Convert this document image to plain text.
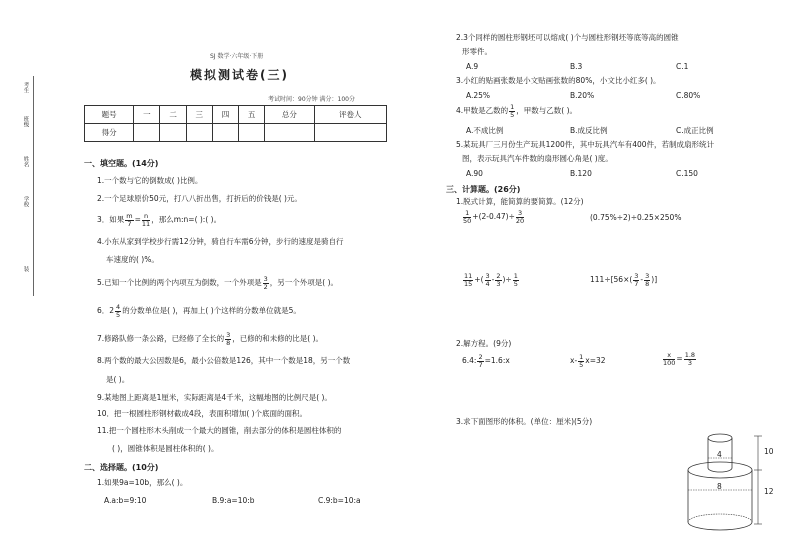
考生
班级
姓名
学校
装
SJ 数学·六年级·下册
模拟测试卷(三)
考试时间：90分钟 满分：100分
题号	一	二	三	四	五	总分	评卷人
得分							
一、填空题。(14分)
1.一个数与它的倒数成( )比例。
2.一个足球原价50元，打八八折出售，打折后的价钱是( )元。
3．如果 $\frac{m}{7} = \frac{n}{11}$ ，那么m:n=( ):( )。
4.小东从家到学校步行需12分钟，骑自行车需6分钟，步行的速度是骑自行
车速度的( )%。
5.已知一个比例的两个内项互为倒数，一个外项是 $\frac{3}{2}$ ，另一个外项是( )。
6．$2 \frac{4}{5}$ 的分数单位是( )，再加上( )个这样的分数单位就是5。
7.修路队修一条公路，已经修了全长的 $\frac{3}{8}$ ，已修的和未修的比是( )。
8.两个数的最大公因数是6，最小公倍数是126，其中一个数是18，另一个数
是( )。
9.某地图上距离是1厘米，实际距离是4千米，这幅地图的比例尺是( )。
10．把一根圆柱形钢材截成4段，表面积增加( )个底面的面积。
11.把一个圆柱形木头削成一个最大的圆锥，削去部分的体积是圆柱体积的
( )，圆锥体积是圆柱体积的( )。
二、选择题。(10分)
1.如果9a=10b，那么( )。
A.a:b=9:10	B.9:a=10:b	C.9:b=10:a
2.3个同样的圆柱形钢坯可以熔成( )个与圆柱形钢坯等底等高的圆锥
形零件。
A.9	B.3	C.1
3.小红的贴画张数是小文贴画张数的80%，小文比小红多( )。
A.25%	B.20%	C.80%
4.甲数是乙数的 $\frac{1}{5}$ ，甲数与乙数( )。
A.不成比例	B.成反比例	C.成正比例
5.某玩具厂三月份生产玩具1200件，其中玩具汽车有400件，若制成扇形统计
图，表示玩具汽车件数的扇形圆心角是( )度。
A.90	B.120	C.150
三、计算题。(26分)
1.脱式计算，能简算的要简算。(12分)
$\frac{1}{50} +(2-0.47)\div \frac{3}{20}$	(0.75%÷2)÷0.25×250%
$\frac{11}{15}$ +( $\frac{3}{4} - \frac{2}{3}$ )÷ $\frac{1}{5}$	$111\div[56\times( \frac{3}{7} - \frac{3}{8}$ )]
2.解方程。(9分)
6.4: $\frac{2}{7}$ =1.6:x	$x- \frac{1}{5} x=32$	$\frac{x}{100} = \frac{1.8}{3}$
3.求下面图形的体积。(单位：厘米)(5分)
4
8
10
12
